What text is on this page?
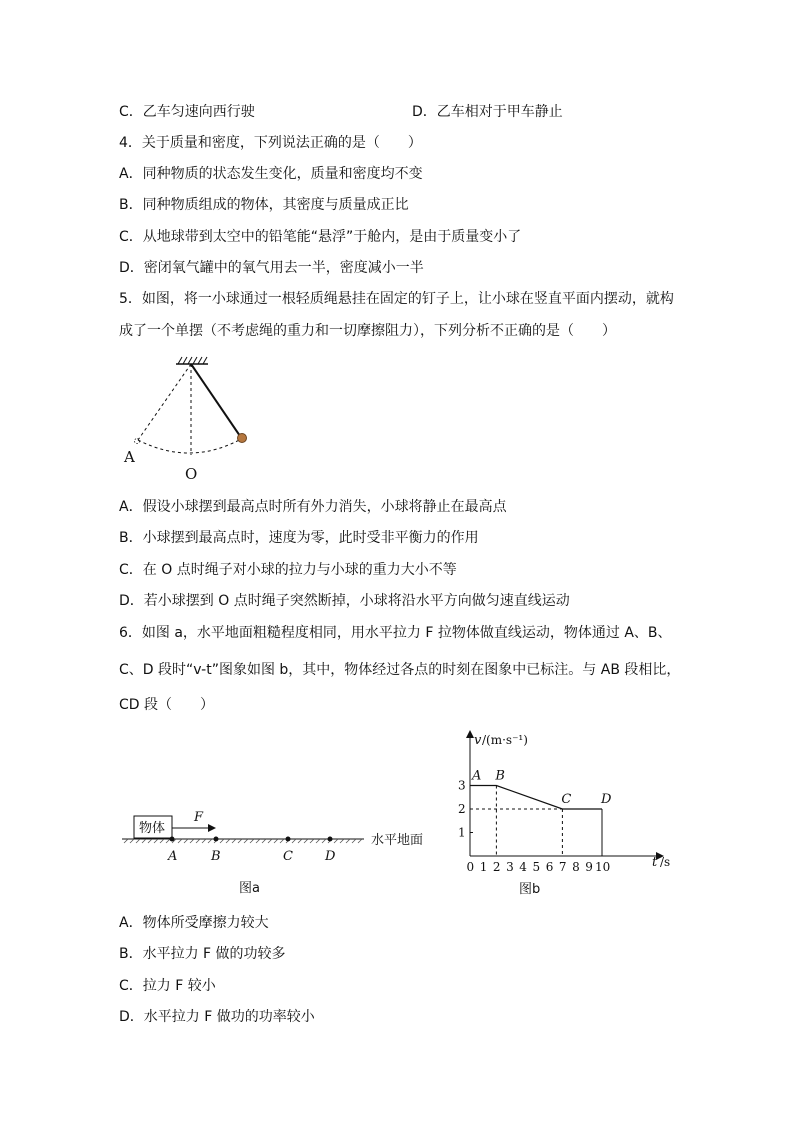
C．乙车匀速向西行驶	D．乙车相对于甲车静止
4．关于质量和密度，下列说法正确的是（　　）
A．同种物质的状态发生变化，质量和密度均不变
B．同种物质组成的物体，其密度与质量成正比
C．从地球带到太空中的铅笔能“悬浮”于舱内，是由于质量变小了
D．密闭氧气罐中的氧气用去一半，密度减小一半
5．如图，将一小球通过一根轻质绳悬挂在固定的钉子上，让小球在竖直平面内摆动，就构
成了一个单摆（不考虑绳的重力和一切摩擦阻力），下列分析不正确的是（　　）
A
O
A．假设小球摆到最高点时所有外力消失，小球将静止在最高点
B．小球摆到最高点时，速度为零，此时受非平衡力的作用
C．在 O 点时绳子对小球的拉力与小球的重力大小不等
D．若小球摆到 O 点时绳子突然断掉，小球将沿水平方向做匀速直线运动
6．如图 a，水平地面粗糙程度相同，用水平拉力 F 拉物体做直线运动，物体通过 A、B、
C、D 段时“v-t”图象如图 b，其中，物体经过各点的时刻在图象中已标注。与 AB 段相比，
CD 段（　　）
物体
F
A	B	C D
水平地面
图a
0 1 2 3 4 5 6 7 8 9 10
1
2
3
A B
C D
v /(m·s⁻¹)
t /s
图b
A．物体所受摩擦力较大
B．水平拉力 F 做的功较多
C．拉力 F 较小
D．水平拉力 F 做功的功率较小
